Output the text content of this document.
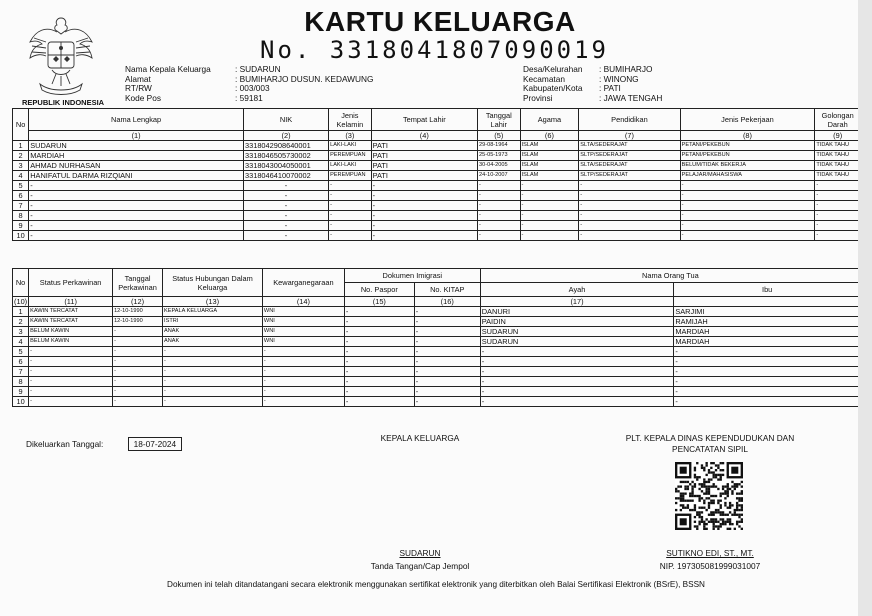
REPUBLIK INDONESIA
KARTU KELUARGA
No. 3318041807090019
Nama Kepala Keluarga	: SUDARUN
Alamat	: BUMIHARJO DUSUN. KEDAWUNG
RT/RW	: 003/003
Kode Pos	: 59181
Desa/Kelurahan : BUMIHARJO
Kecamatan	: WINONG
Kabupaten/Kota : PATI
Provinsi	: JAWA TENGAH
No	Nama Lengkap	NIK	Jenis Kelamin	Tempat Lahir	Tanggal Lahir	Agama	Pendidikan	Jenis Pekerjaan	Golongan Darah
	(1)	(2)	(3)	(4)	(5)	(6)	(7)	(8)	(9)
1	SUDARUN	3318042908640001	LAKI-LAKI	PATI	29-08-1964	ISLAM	SLTA/SEDERAJAT	PETANI/PEKEBUN	TIDAK TAHU
2	MARDIAH	3318046505730002	PEREMPUAN	PATI	25-05-1973	ISLAM	SLTP/SEDERAJAT	PETANI/PEKEBUN	TIDAK TAHU
3	AHMAD NURHASAN	3318043004050001	LAKI-LAKI	PATI	30-04-2005	ISLAM	SLTA/SEDERAJAT	BELUM/TIDAK BEKERJA	TIDAK TAHU
4	HANIFATUL DARMA RIZQIANI	3318046410070002	PEREMPUAN	PATI	24-10-2007	ISLAM	SLTP/SEDERAJAT	PELAJAR/MAHASISWA	TIDAK TAHU
5	-	-	-	-	-	-	-	-	-
6	-	-	-	-	-	-	-	-	-
7	-	-	-	-	-	-	-	-	-
8	-	-	-	-	-	-	-	-	-
9	-	-	-	-	-	-	-	-	-
10	-	-	-	-	-	-	-	-	-
No	Status Perkawinan	Tanggal Perkawinan	Status Hubungan Dalam Keluarga	Kewarganegaraan	Dokumen Imigrasi		Nama Orang Tua	
					No. Paspor	No. KITAP	Ayah	Ibu
(10)	(11)	(12)	(13)	(14)	(15)	(16)	(17)	
1	KAWIN TERCATAT	12-10-1990	KEPALA KELUARGA	WNI	-	-	DANURI	SARJIMI
2	KAWIN TERCATAT	12-10-1990	ISTRI	WNI	-	-	PAIDIN	RAMIJAH
3	BELUM KAWIN	-	ANAK	WNI	-	-	SUDARUN	MARDIAH
4	BELUM KAWIN	-	ANAK	WNI	-	-	SUDARUN	MARDIAH
5	-	-	-	-	-	-	-	-
6	-	-	-	-	-	-	-	-
7	-	-	-	-	-	-	-	-
8	-	-	-	-	-	-	-	-
9	-	-	-	-	-	-	-	-
10	-	-	-	-	-	-	-	-
Dikeluarkan Tanggal:	18-07-2024
KEPALA KELUARGA
SUDARUN
Tanda Tangan/Cap Jempol
PLT. KEPALA DINAS KEPENDUDUKAN DAN
PENCATATAN SIPIL
SUTIKNO EDI, ST., MT.
NIP. 197305081999031007
Dokumen ini telah ditandatangani secara elektronik menggunakan sertifikat elektronik yang diterbitkan oleh Balai Sertifikasi Elektronik (BSrE), BSSN
